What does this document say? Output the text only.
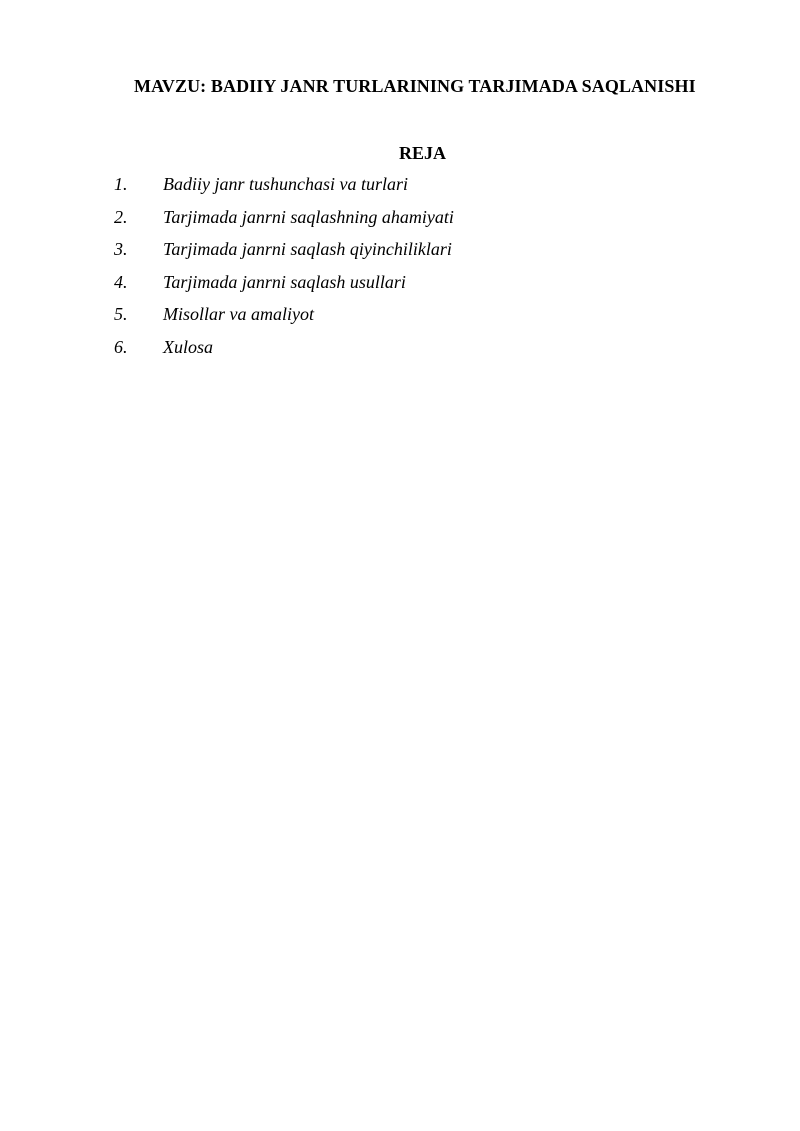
MAVZU: BADIIY JANR TURLARINING TARJIMADA SAQLANISHI
REJA
1.	Badiiy janr tushunchasi va turlari
2.	Tarjimada janrni saqlashning ahamiyati
3.	Tarjimada janrni saqlash qiyinchiliklari
4.	Tarjimada janrni saqlash usullari
5.	Misollar va amaliyot
6.	Xulosa
